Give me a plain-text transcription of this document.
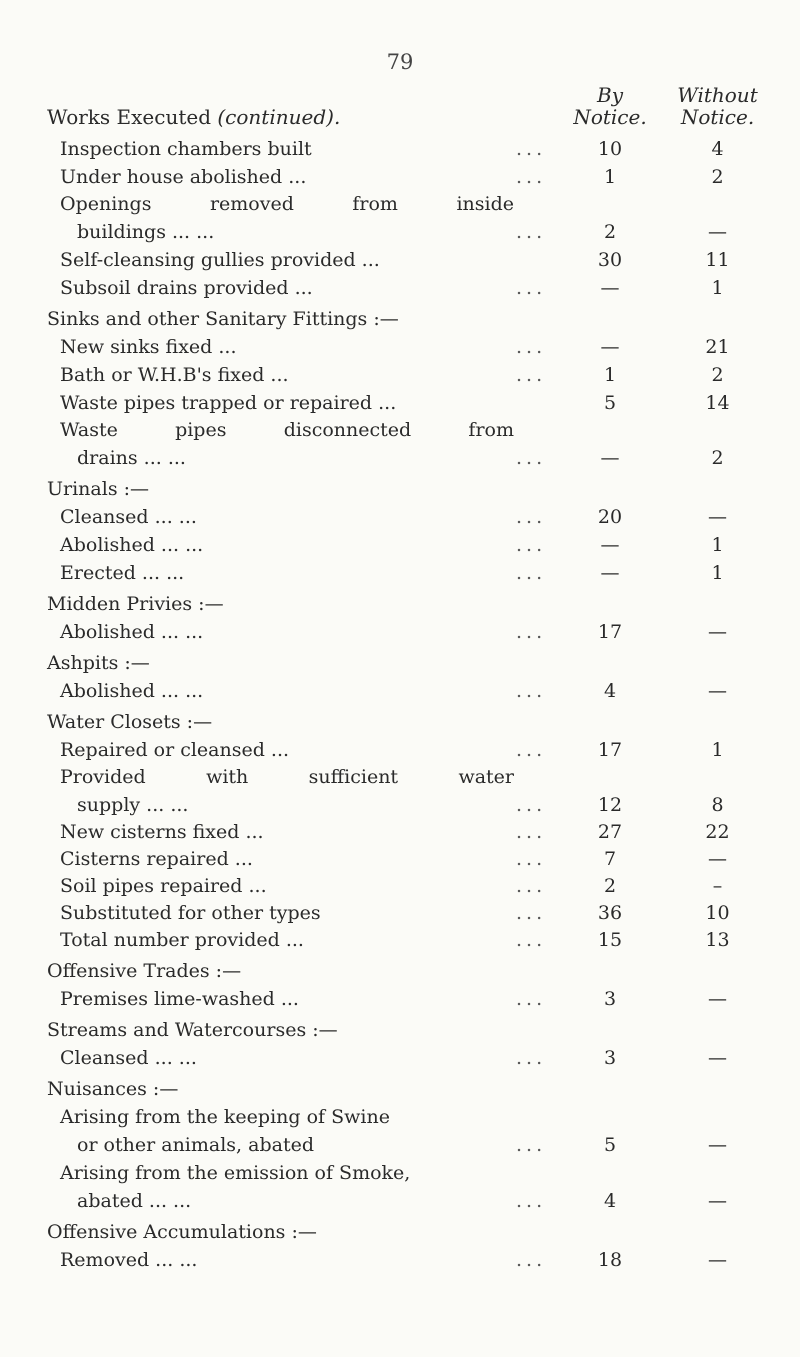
79
By
Notice.
Without
Notice.
Works Executed (continued).
Inspection chambers built	...	10	4
Under house abolished ...	...	1	2
Openings removed from inside
buildings ... ...	...	2	—
Self-cleansing gullies provided ...	30	11
Subsoil drains provided ...	...	—	1
Sinks and other Sanitary Fittings :—
New sinks fixed ...	...	—	21
Bath or W.H.B's fixed ...	...	1	2
Waste pipes trapped or repaired ...	5	14
Waste pipes disconnected from
drains ... ...	...	—	2
Urinals :—
Cleansed ... ...	...	20	—
Abolished ... ...	...	—	1
Erected ... ...	...	—	1
Midden Privies :—
Abolished ... ...	...	17	—
Ashpits :—
Abolished ... ...	...	4	—
Water Closets :—
Repaired or cleansed ...	...	17	1
Provided with sufficient water
supply ... ...	...	12	8
New cisterns fixed ...	...	27	22
Cisterns repaired ...	...	7	—
Soil pipes repaired ...	...	2	–
Substituted for other types	...	36	10
Total number provided ...	...	15	13
Offensive Trades :—
Premises lime-washed ...	...	3	—
Streams and Watercourses :—
Cleansed ... ...	...	3	—
Nuisances :—
Arising from the keeping of Swine
or other animals, abated	...	5	—
Arising from the emission of Smoke,
abated ... ...	...	4	—
Offensive Accumulations :—
Removed ... ...	...	18	—
